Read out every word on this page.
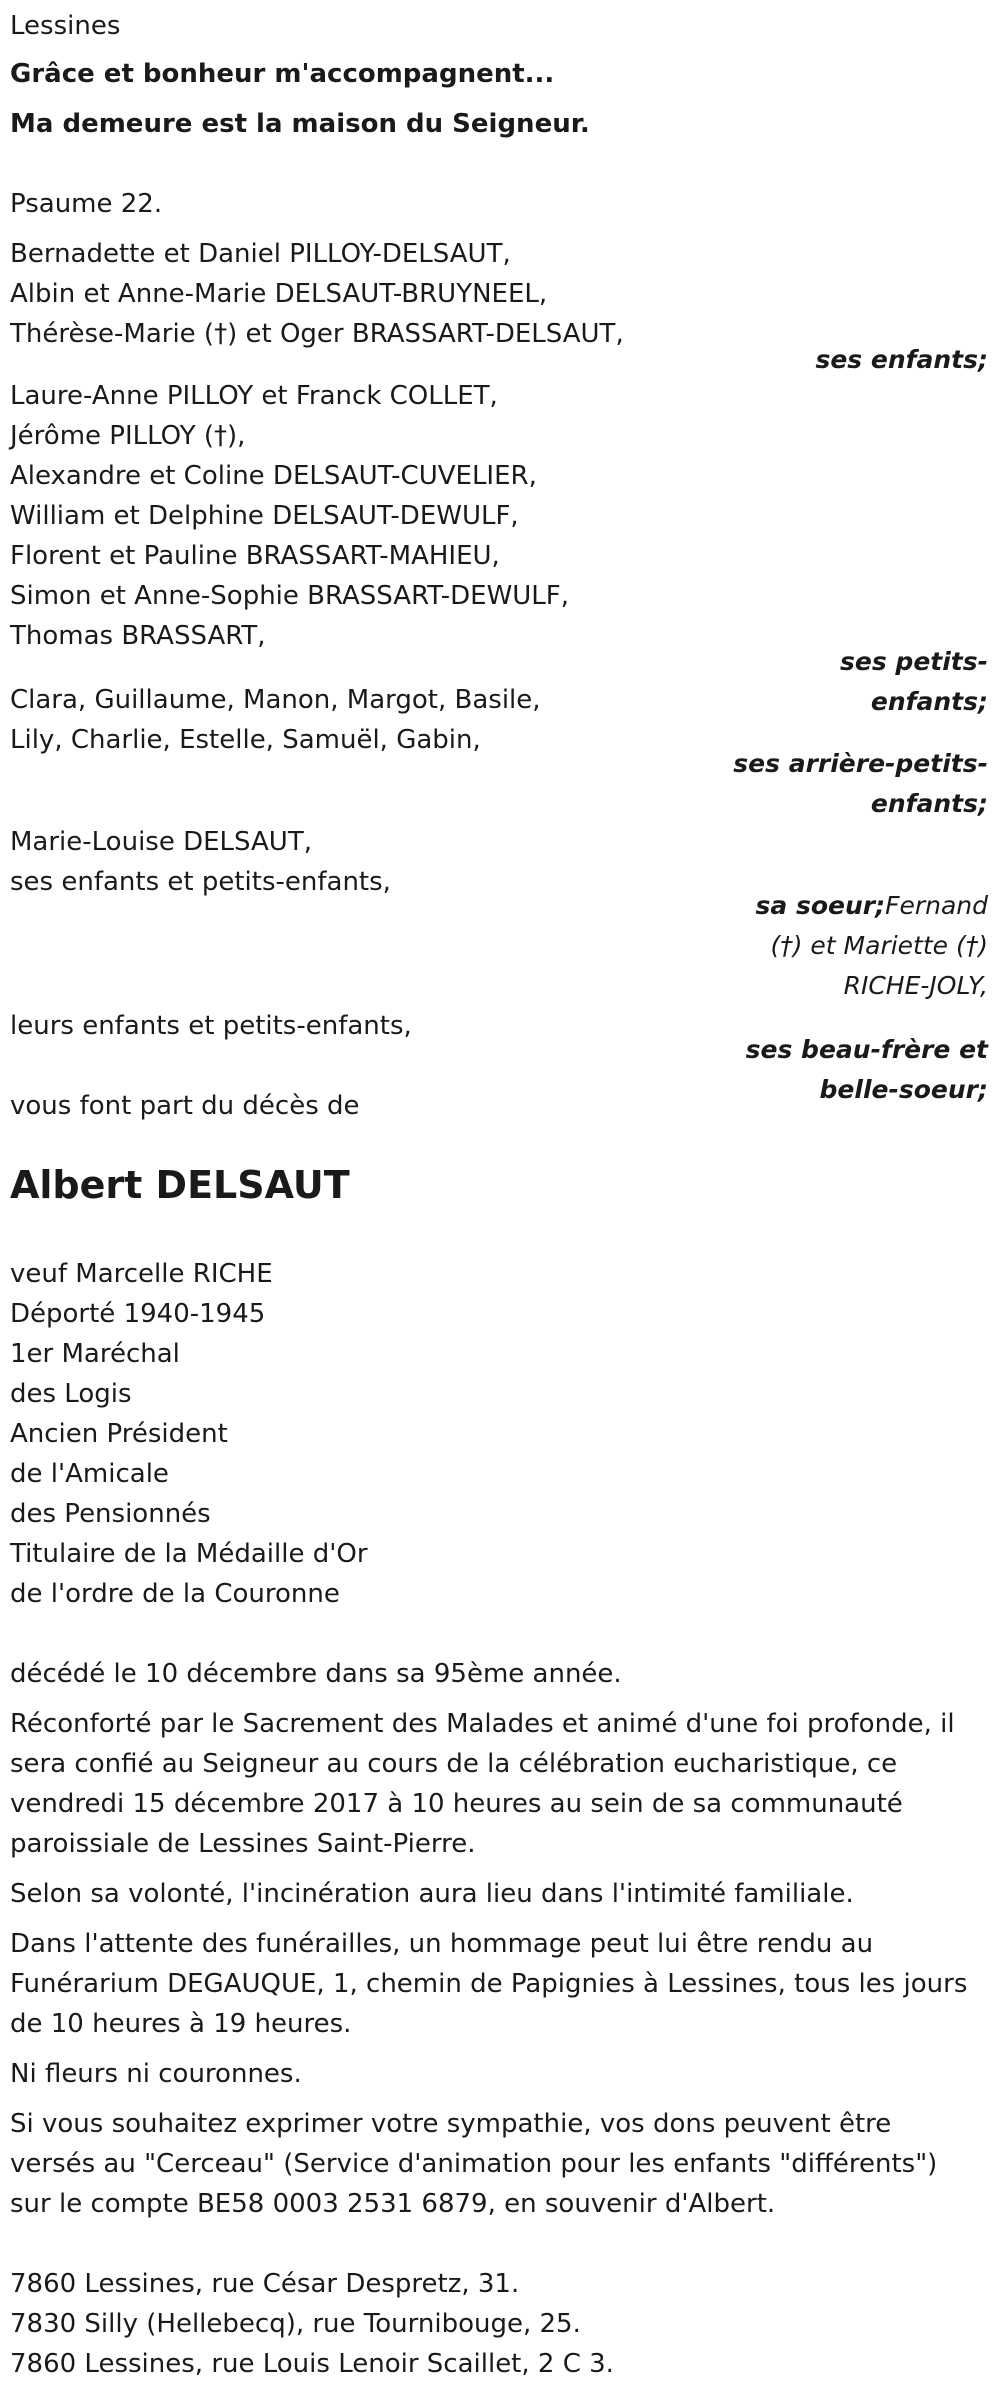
Lessines

Grâce et bonheur m'accompagnent...

Ma demeure est la maison du Seigneur.

Psaume 22.

Bernadette et Daniel PILLOY-DELSAUT,

Albin et Anne-Marie DELSAUT-BRUYNEEL,

Thérèse-Marie (†) et Oger BRASSART-DELSAUT,

ses enfants;

Laure-Anne PILLOY et Franck COLLET,

Jérôme PILLOY (†),

Alexandre et Coline DELSAUT-CUVELIER,

William et Delphine DELSAUT-DEWULF,

Florent et Pauline BRASSART-MAHIEU,

Simon et Anne-Sophie BRASSART-DEWULF,

Thomas BRASSART,

ses petits-enfants;

Clara, Guillaume, Manon, Margot, Basile,

Lily, Charlie, Estelle, Samuël, Gabin,

ses arrière-petits-enfants;

Marie-Louise DELSAUT,

ses enfants et petits-enfants,

sa soeur;Fernand (†) et Mariette (†) RICHE-JOLY,

leurs enfants et petits-enfants,

ses beau-frère et belle-soeur;

vous font part du décès de

Albert DELSAUT

veuf Marcelle RICHE

Déporté 1940-1945

1er Maréchal

des Logis

Ancien Président

de l'Amicale

des Pensionnés

Titulaire de la Médaille d'Or

de l'ordre de la Couronne

décédé le 10 décembre dans sa 95ème année.

Réconforté par le Sacrement des Malades et animé d'une foi profonde, il

sera confié au Seigneur au cours de la célébration eucharistique, ce

vendredi 15 décembre 2017 à 10 heures au sein de sa communauté

paroissiale de Lessines Saint-Pierre.

Selon sa volonté, l'incinération aura lieu dans l'intimité familiale.

Dans l'attente des funérailles, un hommage peut lui être rendu au

Funérarium DEGAUQUE, 1, chemin de Papignies à Lessines, tous les jours

de 10 heures à 19 heures.

Ni fleurs ni couronnes.

Si vous souhaitez exprimer votre sympathie, vos dons peuvent être

versés au "Cerceau" (Service d'animation pour les enfants "différents")

sur le compte BE58 0003 2531 6879, en souvenir d'Albert.

7860 Lessines, rue César Despretz, 31.

7830 Silly (Hellebecq), rue Tournibouge, 25.

7860 Lessines, rue Louis Lenoir Scaillet, 2 C 3.
